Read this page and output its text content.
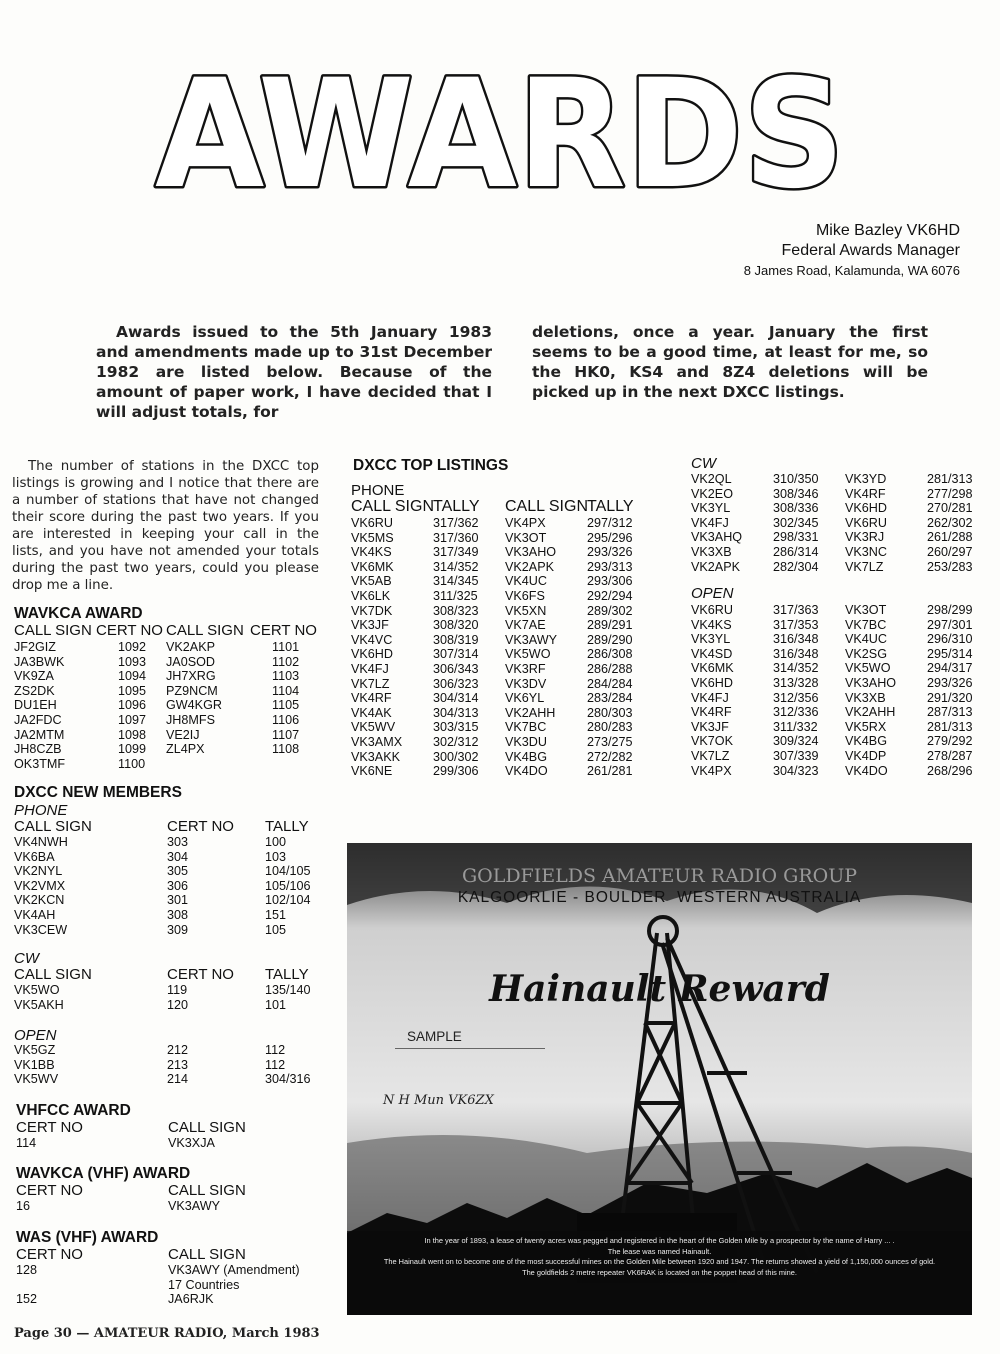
AWARDS
Mike Bazley VK6HD
Federal Awards Manager
8 James Road, Kalamunda, WA 6076

Awards issued to the 5th January 1983 and amendments made up to 31st December 1982 are listed below. Because of the amount of paper work, I have decided that I will adjust totals, for

deletions, once a year. January the first seems to be a good time, at least for me, so the HK0, KS4 and 8Z4 deletions will be picked up in the next DXCC listings.

The number of stations in the DXCC top listings is growing and I notice that there are a number of stations that have not changed their score during the past two years. If you are interested in keeping your call in the lists, and you have not amended your totals during the past two years, could you please drop me a line.
WAVKCA AWARD
CALL SIGN CERT NO CALL SIGN CERT NO
JF2GIZ	1092 VK2AKP	1101
JA3BWK	1093 JA0SOD	1102
VK9ZA	1094 JH7XRG	1103
ZS2DK	1095 PZ9NCM	1104
DU1EH	1096 GW4KGR	1105
JA2FDC	1097 JH8MFS	1106
JA2MTM	1098 VE2IJ	1107
JH8CZB	1099 ZL4PX	1108
OK3TMF	1100
DXCC NEW MEMBERS
PHONE
CALL SIGN	CERT NO TALLY
VK4NWH	303	100
VK6BA	304	103
VK2NYL	305	104/105
VK2VMX	306	105/106
VK2KCN	301	102/104
VK4AH	308	151
VK3CEW	309	105
CW
CALL SIGN	CERT NO TALLY
VK5WO	119	135/140
VK5AKH	120	101
OPEN
VK5GZ	212	112
VK1BB	213	112
VK5WV	214	304/316
VHFCC AWARD
CERT NO	CALL SIGN
114	VK3XJA
WAVKCA (VHF) AWARD
CERT NO	CALL SIGN
16	VK3AWY
WAS (VHF) AWARD
CERT NO	CALL SIGN
128	VK3AWY (Amendment)
17 Countries
152	JA6RJK
DXCC TOP LISTINGS
PHONE
CALL SIGN TALLY CALL SIGN TALLY
VK6RU	317/362 VK4PX	297/312
VK5MS	317/360 VK3OT	295/296
VK4KS	317/349 VK3AHO 293/326
VK6MK	314/352 VK2APK	293/313
VK5AB	314/345 VK4UC	293/306
VK6LK	311/325 VK6FS	292/294
VK7DK	308/323 VK5XN	289/302
VK3JF	308/320 VK7AE	289/291
VK4VC	308/319 VK3AWY 289/290
VK6HD	307/314 VK5WO	286/308
VK4FJ	306/343 VK3RF	286/288
VK7LZ	306/323 VK3DV	284/284
VK4RF	304/314 VK6YL	283/284
VK4AK	304/313 VK2AHH	280/303
VK5WV	303/315 VK7BC	280/283
VK3AMX 302/312 VK3DU	273/275
VK3AKK	300/302 VK4BG	272/282
VK6NE	299/306 VK4DO	261/281
CW
VK2QL	310/350 VK3YD	281/313
VK2EO	308/346 VK4RF	277/298
VK3YL	308/336 VK6HD	270/281
VK4FJ	302/345 VK6RU	262/302
VK3AHQ 298/331 VK3RJ	261/288
VK3XB	286/314 VK3NC	260/297
VK2APK	282/304 VK7LZ	253/283
OPEN
VK6RU	317/363 VK3OT	298/299
VK4KS	317/353 VK7BC	297/301
VK3YL	316/348 VK4UC	296/310
VK4SD	316/348 VK2SG	295/314
VK6MK	314/352 VK5WO	294/317
VK6HD	313/328 VK3AHO 293/326
VK4FJ	312/356 VK3XB	291/320
VK4RF	312/336 VK2AHH	287/313
VK3JF	311/332 VK5RX	281/313
VK7OK	309/324 VK4BG	279/292
VK7LZ	307/339 VK4DP	278/287
VK4PX	304/323 VK4DO	268/296
GOLDFIELDS AMATEUR RADIO GROUP
KALGOORLIE - BOULDER  WESTERN AUSTRALIA
Hainault Reward
SAMPLE
N H Mun VK6ZX
In the year of 1893, a lease of twenty acres was pegged and registered in the heart of the Golden Mile by a prospector by the name of Harry ... .
The lease was named Hainault.
The Hainault went on to become one of the most successful mines on the Golden Mile between 1920 and 1947. The returns showed a yield of 1,150,000 ounces of gold.
The goldfields 2 metre repeater VK6RAK is located on the poppet head of this mine.
Page 30 — AMATEUR RADIO, March 1983
